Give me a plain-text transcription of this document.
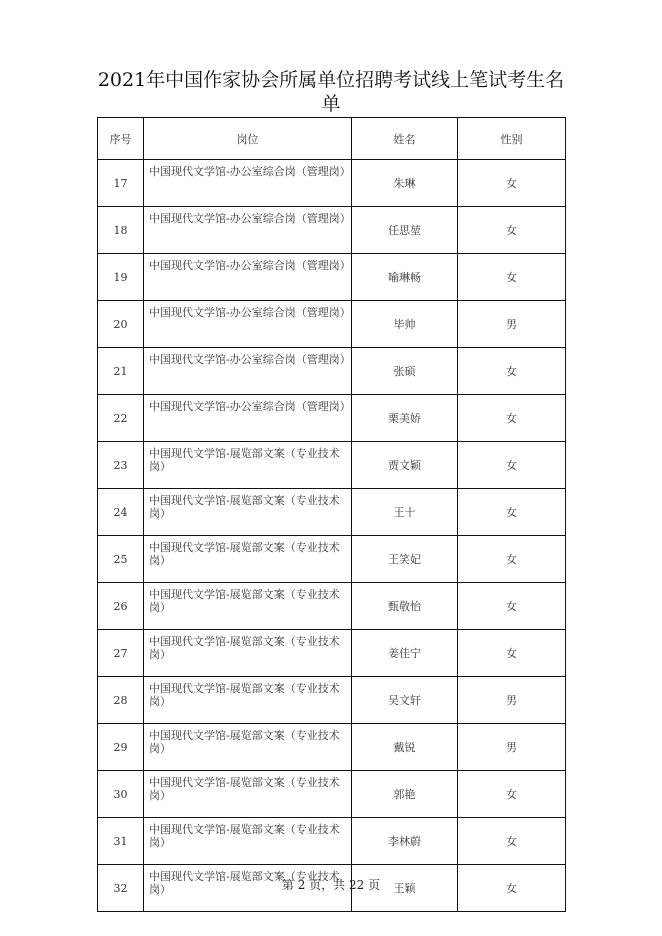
2021年中国作家协会所属单位招聘考试线上笔试考生名单
序号	岗位	姓名	性别
17	中国现代文学馆-办公室综合岗（管理岗）	朱琳	女
18	中国现代文学馆-办公室综合岗（管理岗）	任思堃	女
19	中国现代文学馆-办公室综合岗（管理岗）	喻琳畅	女
20	中国现代文学馆-办公室综合岗（管理岗）	毕帅	男
21	中国现代文学馆-办公室综合岗（管理岗）	张硕	女
22	中国现代文学馆-办公室综合岗（管理岗）	栗美娇	女
23	中国现代文学馆-展览部文案（专业技术岗）	贾文颖	女
24	中国现代文学馆-展览部文案（专业技术岗）	王十	女
25	中国现代文学馆-展览部文案（专业技术岗）	王笑妃	女
26	中国现代文学馆-展览部文案（专业技术岗）	甄敬怡	女
27	中国现代文学馆-展览部文案（专业技术岗）	姜佳宁	女
28	中国现代文学馆-展览部文案（专业技术岗）	吴文轩	男
29	中国现代文学馆-展览部文案（专业技术岗）	戴锐	男
30	中国现代文学馆-展览部文案（专业技术岗）	郭艳	女
31	中国现代文学馆-展览部文案（专业技术岗）	李林蔚	女
32	中国现代文学馆-展览部文案（专业技术岗）	王颖	女
第 2 页，共 22 页
